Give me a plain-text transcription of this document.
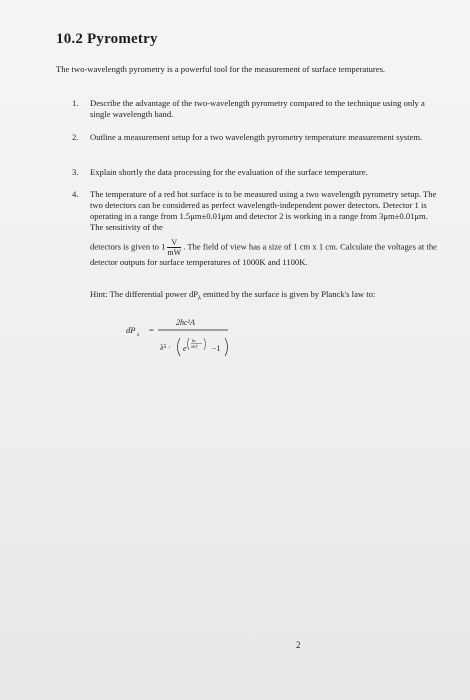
10.2 Pyrometry
The two-wavelength pyrometry is a powerful tool for the measurement of surface temperatures.
1.	Describe the advantage of the two-wavelength pyrometry compared to the technique using only a single wavelength band.
2.	Outline a measurement setup for a two wavelength pyrometry temperature measurement system.
3.	Explain shortly the data processing for the evaluation of the surface temperature.
4.	The temperature of a red hot surface is to be measured using a two wavelength pyrometry setup. The two detectors can be considered as perfect wavelength-independent power detectors. Detector 1 is operating in a range from 1.5μm±0.01μm and detector 2 is working in a range from 3μm±0.01μm. The sensitivity of the
detectors is given to $1 \frac{V}{mW}$ . The field of view has a size of 1 cm x 1 cm. Calculate the voltages at the detector outputs for surface temperatures of 1000K and 1100K.
Hint: The differential power $dP_\lambda$ emitted by the surface is given by Planck's law to:
dP λ =
2hc²A
λ⁵ · e
hc
λkT −1
2
